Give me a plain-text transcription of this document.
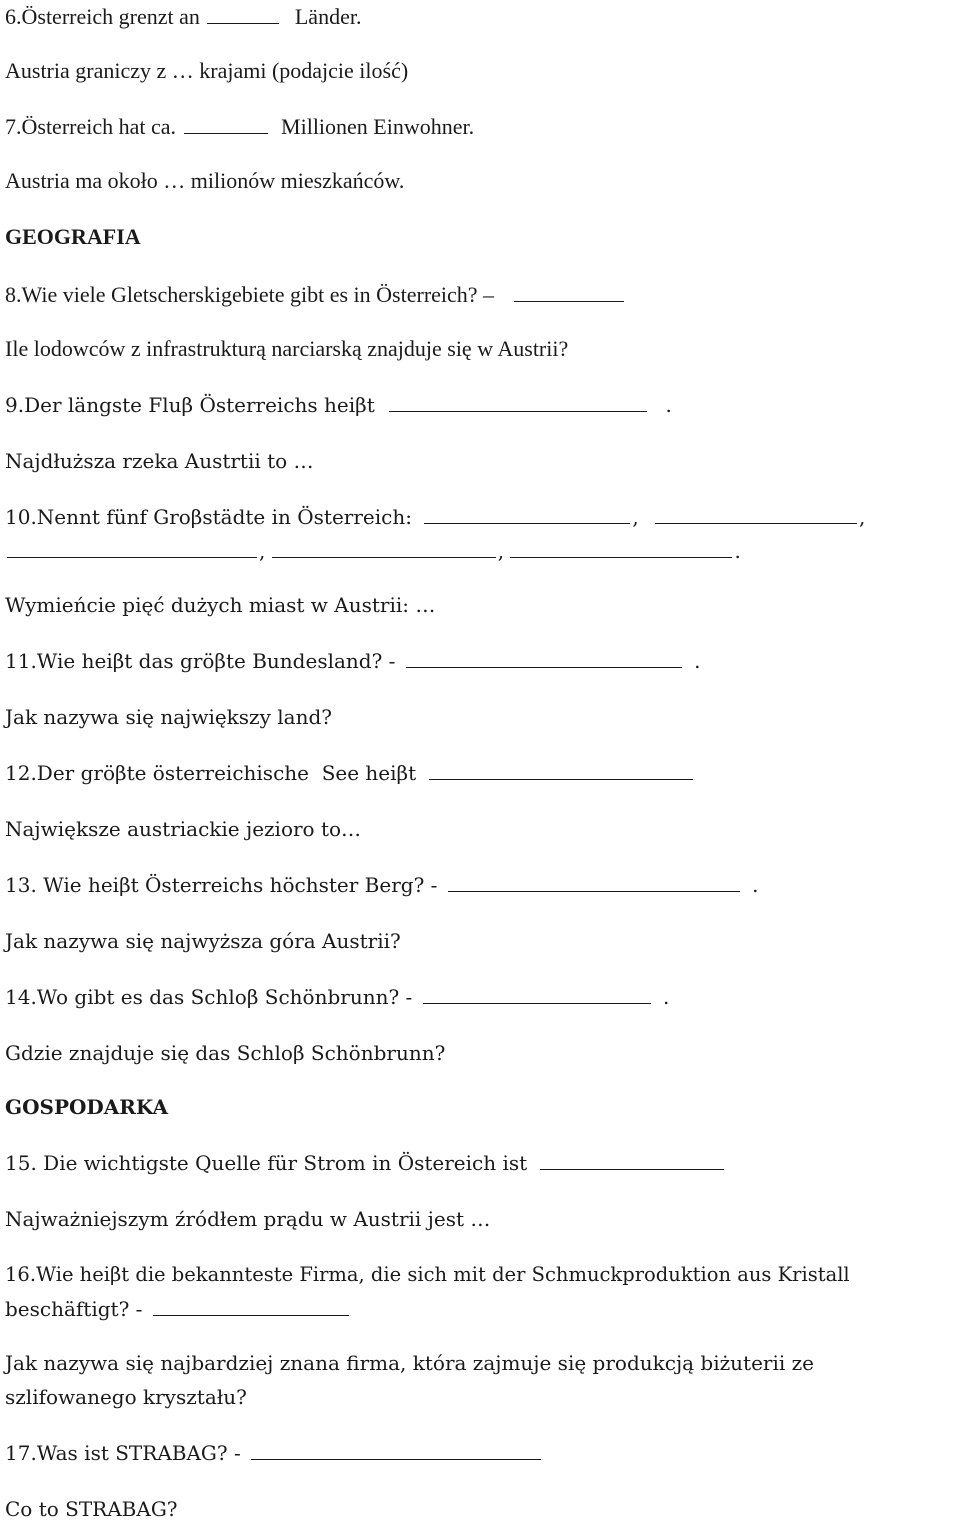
6.Österreich grenzt an	Länder.
Austria graniczy z … krajami (podajcie ilość)
7.Österreich hat ca.	Millionen Einwohner.
Austria ma około … milionów mieszkańców.
GEOGRAFIA
8.Wie viele Gletscherskigebiete gibt es in Österreich? –
Ile lodowców z infrastrukturą narciarską znajduje się w Austrii?
9.Der längste Fluβ Österreichs heiβt	.
Najdłuższa rzeka Austrtii to …
10.Nennt fünf Groβstädte in Österreich:	,	,
,	,	.
Wymieńcie pięć dużych miast w Austrii: …
11.Wie heiβt das gröβte Bundesland? -	.
Jak nazywa się największy land?
12.Der gröβte österreichische  See heiβt
Największe austriackie jezioro to…
13. Wie heiβt Österreichs höchster Berg? -	.
Jak nazywa się najwyższa góra Austrii?
14.Wo gibt es das Schloβ Schönbrunn? -	.
Gdzie znajduje się das Schloβ Schönbrunn?
GOSPODARKA
15. Die wichtigste Quelle für Strom in Östereich ist
Najważniejszym źródłem prądu w Austrii jest …
16.Wie heiβt die bekannteste Firma, die sich mit der Schmuckproduktion aus Kristall
beschäftigt? -
Jak nazywa się najbardziej znana firma, która zajmuje się produkcją biżuterii ze
szlifowanego kryształu?
17.Was ist STRABAG? -
Co to STRABAG?
